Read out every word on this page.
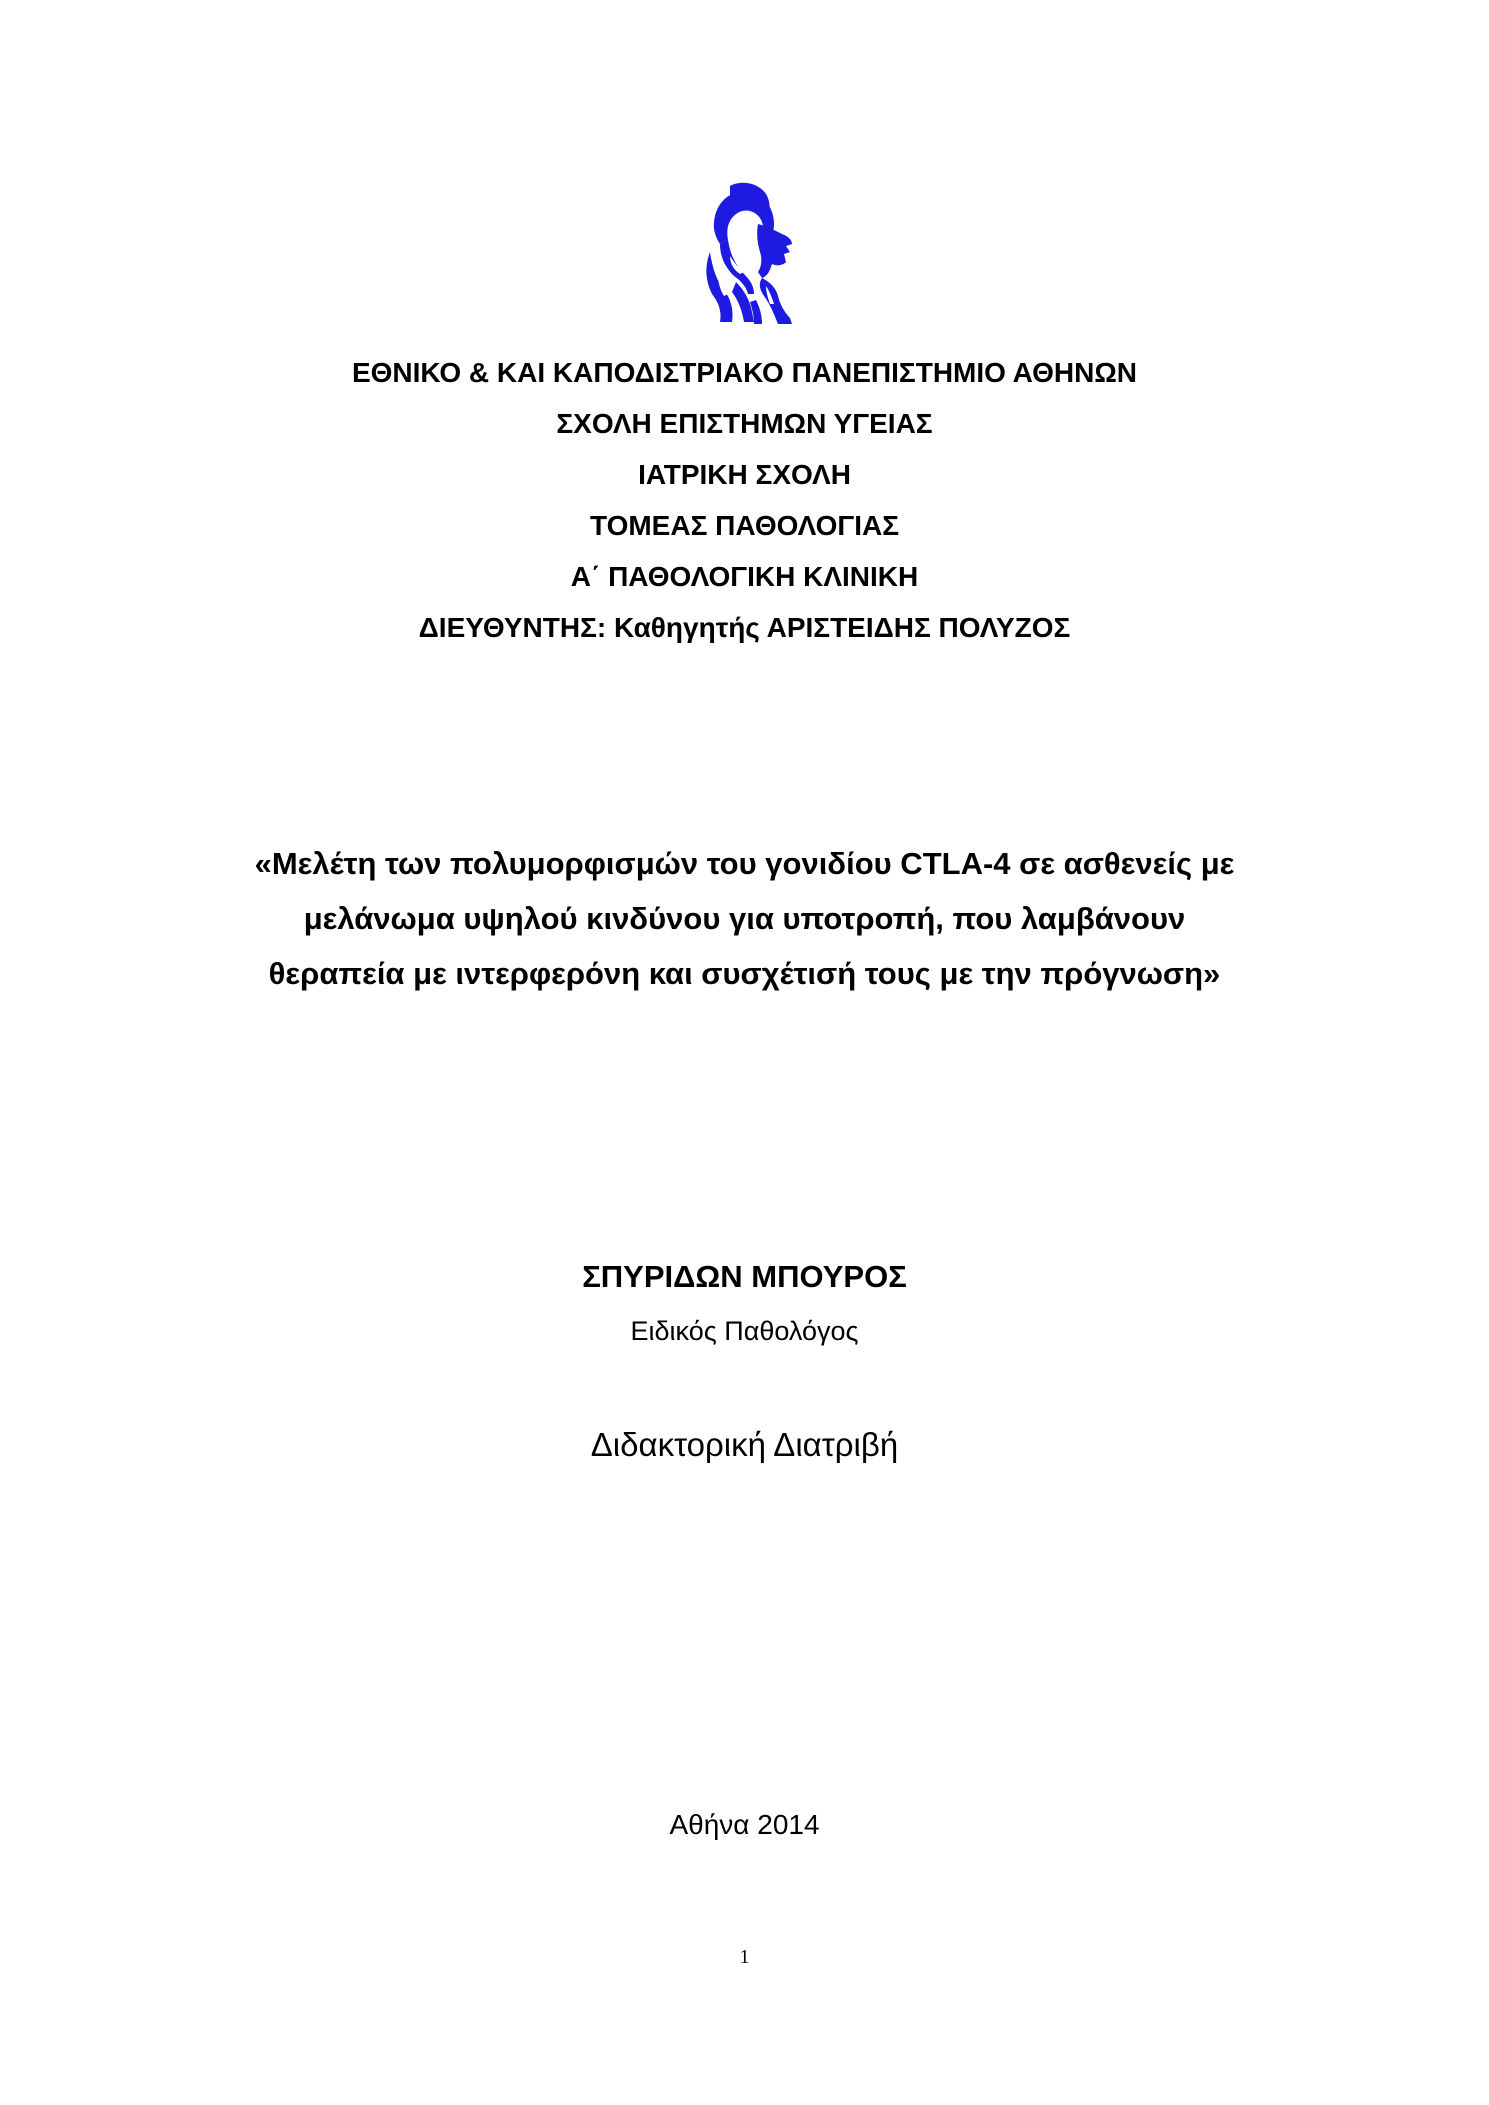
ΕΘΝΙΚΟ & ΚΑΙ ΚΑΠΟΔΙΣΤΡΙΑΚΟ ΠΑΝΕΠΙΣΤΗΜΙΟ ΑΘΗΝΩΝ
ΣΧΟΛΗ ΕΠΙΣΤΗΜΩΝ ΥΓΕΙΑΣ
ΙΑΤΡΙΚΗ ΣΧΟΛΗ
ΤΟΜΕΑΣ ΠΑΘΟΛΟΓΙΑΣ
Α΄ ΠΑΘΟΛΟΓΙΚΗ ΚΛΙΝΙΚΗ
ΔΙΕΥΘΥΝΤΗΣ: Καθηγητής ΑΡΙΣΤΕΙΔΗΣ ΠΟΛΥΖΟΣ
«Μελέτη των πολυμορφισμών του γονιδίου CTLA-4 σε ασθενείς με
μελάνωμα υψηλού κινδύνου για υποτροπή, που λαμβάνουν
θεραπεία με ιντερφερόνη και συσχέτισή τους με την πρόγνωση»
ΣΠΥΡΙΔΩΝ ΜΠΟΥΡΟΣ
Ειδικός Παθολόγος
Διδακτορική Διατριβή
Αθήνα 2014
1
